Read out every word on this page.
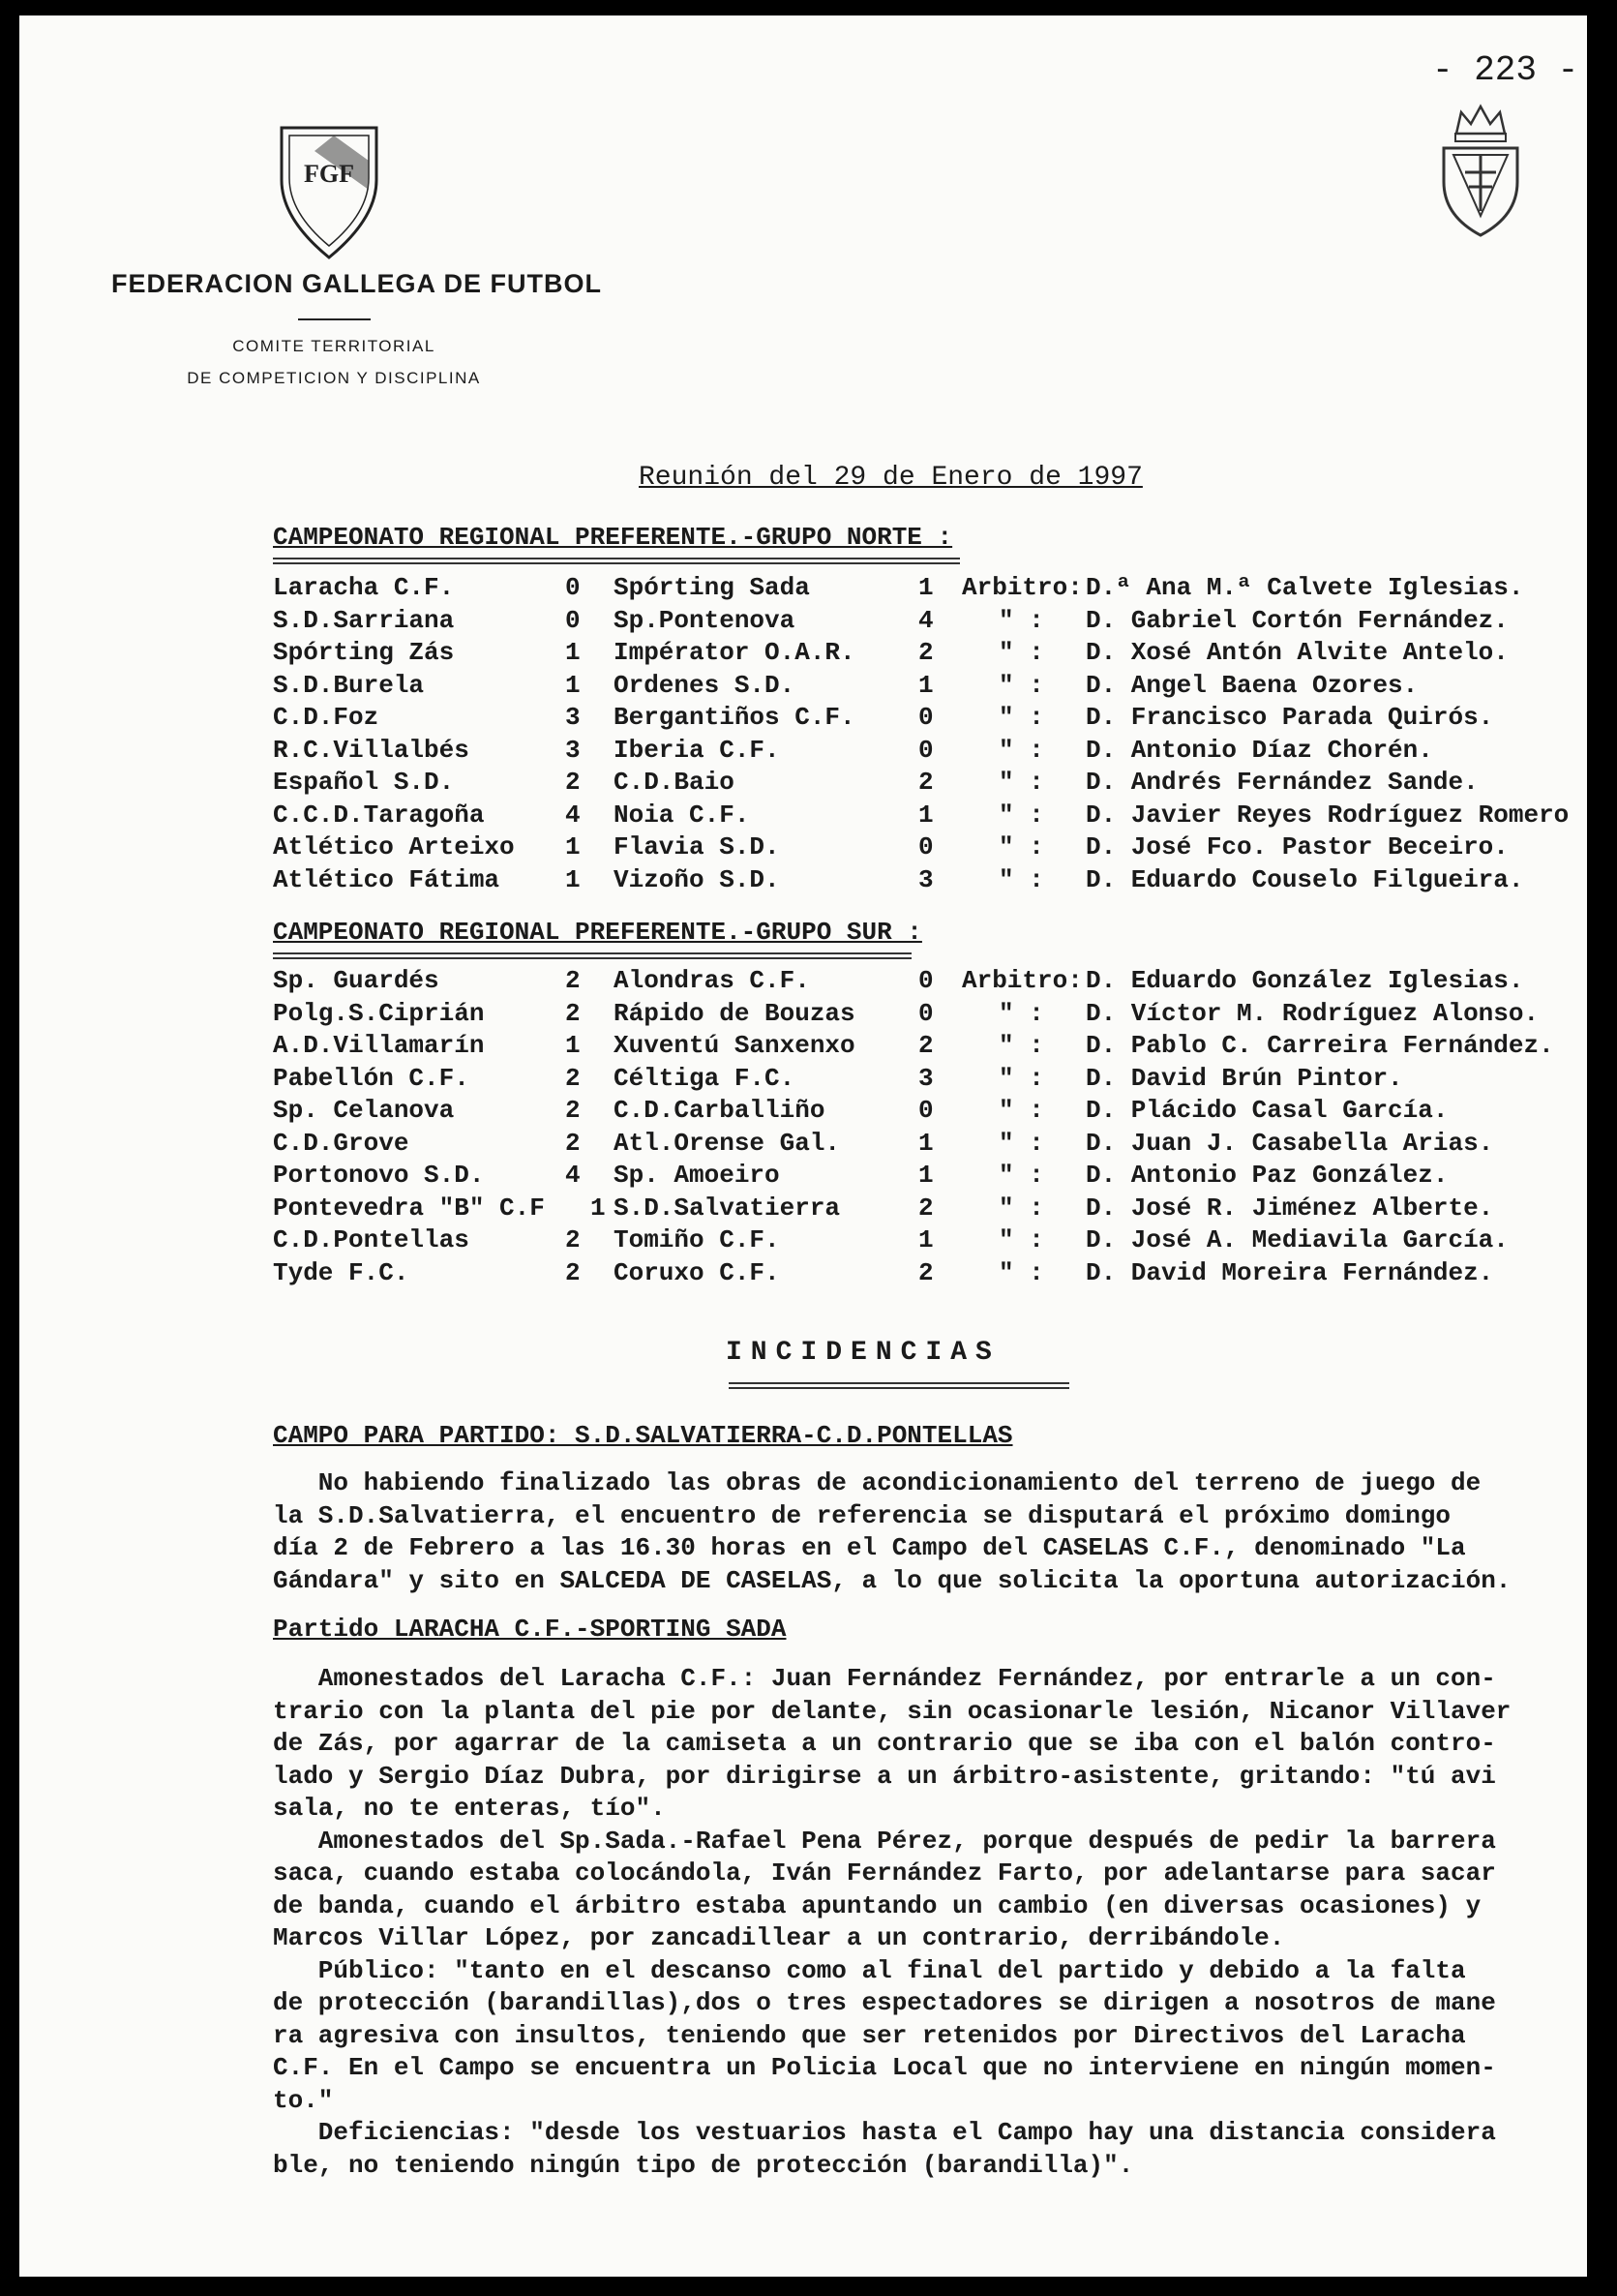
- 223 -
FGF
FEDERACION GALLEGA DE FUTBOL
COMITE TERRITORIAL
DE COMPETICION Y DISCIPLINA
Reunión del 29 de Enero de 1997
CAMPEONATO REGIONAL PREFERENTE.-GRUPO NORTE :
Laracha C.F.	0 Spórting Sada	1 Arbitro: D.ª Ana M.ª Calvete Iglesias.
S.D.Sarriana	0 Sp.Pontenova	4	" : D. Gabriel Cortón Fernández.
Spórting Zás	1 Impérator O.A.R.	2	" : D. Xosé Antón Alvite Antelo.
S.D.Burela	1 Ordenes S.D.	1	" : D. Angel Baena Ozores.
C.D.Foz	3 Bergantiños C.F.	0	" : D. Francisco Parada Quirós.
R.C.Villalbés	3 Iberia C.F.	0	" : D. Antonio Díaz Chorén.
Español S.D.	2 C.D.Baio	2	" : D. Andrés Fernández Sande.
C.C.D.Taragoña	4 Noia C.F.	1	" : D. Javier Reyes Rodríguez Romero
Atlético Arteixo 1 Flavia S.D.	0	" : D. José Fco. Pastor Beceiro.
Atlético Fátima	1 Vizoño S.D.	3	" : D. Eduardo Couselo Filgueira.
CAMPEONATO REGIONAL PREFERENTE.-GRUPO SUR :
Sp. Guardés	2 Alondras C.F.	0 Arbitro: D. Eduardo González Iglesias.
Polg.S.Ciprián	2 Rápido de Bouzas	0	" : D. Víctor M. Rodríguez Alonso.
A.D.Villamarín	1 Xuventú Sanxenxo	2	" : D. Pablo C. Carreira Fernández.
Pabellón C.F.	2 Céltiga F.C.	3	" : D. David Brún Pintor.
Sp. Celanova	2 C.D.Carballiño	0	" : D. Plácido Casal García.
C.D.Grove	2 Atl.Orense Gal.	1	" : D. Juan J. Casabella Arias.
Portonovo S.D.	4 Sp. Amoeiro	1	" : D. Antonio Paz González.
Pontevedra "B" C.F 1 S.D.Salvatierra	2	" : D. José R. Jiménez Alberte.
C.D.Pontellas	2 Tomiño C.F.	1	" : D. José A. Mediavila García.
Tyde F.C.	2 Coruxo C.F.	2	" : D. David Moreira Fernández.
INCIDENCIAS
CAMPO PARA PARTIDO: S.D.SALVATIERRA-C.D.PONTELLAS
No habiendo finalizado las obras de acondicionamiento del terreno de juego de
la S.D.Salvatierra, el encuentro de referencia se disputará el próximo domingo
día 2 de Febrero a las 16.30 horas en el Campo del CASELAS C.F., denominado "La
Gándara" y sito en SALCEDA DE CASELAS, a lo que solicita la oportuna autorización.
Partido LARACHA C.F.-SPORTING SADA
Amonestados del Laracha C.F.: Juan Fernández Fernández, por entrarle a un con-
trario con la planta del pie por delante, sin ocasionarle lesión, Nicanor Villaver
de Zás, por agarrar de la camiseta a un contrario que se iba con el balón contro-
lado y Sergio Díaz Dubra, por dirigirse a un árbitro-asistente, gritando: "tú avi
sala, no te enteras, tío".
Amonestados del Sp.Sada.-Rafael Pena Pérez, porque después de pedir la barrera
saca, cuando estaba colocándola, Iván Fernández Farto, por adelantarse para sacar
de banda, cuando el árbitro estaba apuntando un cambio (en diversas ocasiones) y
Marcos Villar López, por zancadillear a un contrario, derribándole.
Público: "tanto en el descanso como al final del partido y debido a la falta
de protección (barandillas),dos o tres espectadores se dirigen a nosotros de mane
ra agresiva con insultos, teniendo que ser retenidos por Directivos del Laracha
C.F. En el Campo se encuentra un Policia Local que no interviene en ningún momen-
to."
Deficiencias: "desde los vestuarios hasta el Campo hay una distancia considera
ble, no teniendo ningún tipo de protección (barandilla)".
